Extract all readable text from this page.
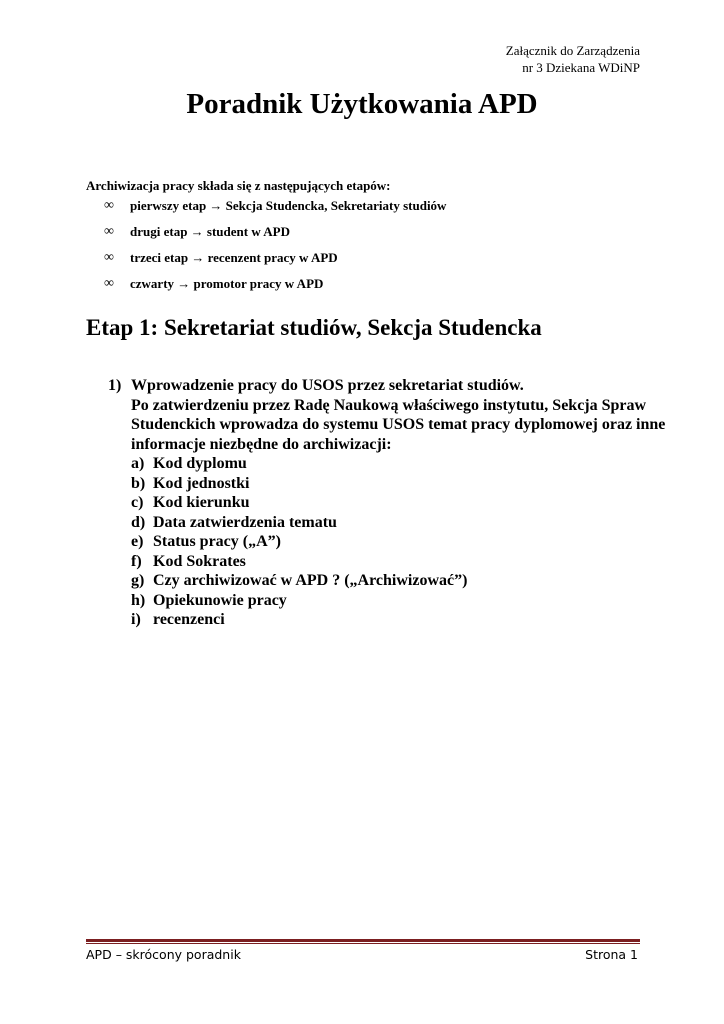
Załącznik do Zarządzenia
nr 3 Dziekana WDiNP
Poradnik Użytkowania APD
Archiwizacja pracy składa się z następujących etapów:
∞	pierwszy etap → Sekcja Studencka, Sekretariaty studiów
∞	drugi etap → student w APD
∞	trzeci etap → recenzent pracy w APD
∞	czwarty → promotor pracy w APD
Etap 1: Sekretariat studiów, Sekcja Studencka
1) Wprowadzenie pracy do USOS przez sekretariat studiów.

Po zatwierdzeniu przez Radę Naukową właściwego instytutu, Sekcja Spraw Studenckich wprowadza do systemu USOS temat pracy dyplomowej oraz inne informacje niezbędne do archiwizacji:

a) Kod dyplomu
b) Kod jednostki
c) Kod kierunku
d) Data zatwierdzenia tematu
e) Status pracy („A”)
f) Kod Sokrates
g) Czy archiwizować w APD ? („Archiwizować”)
h) Opiekunowie pracy
i) recenzenci
APD – skrócony poradnik	Strona 1
